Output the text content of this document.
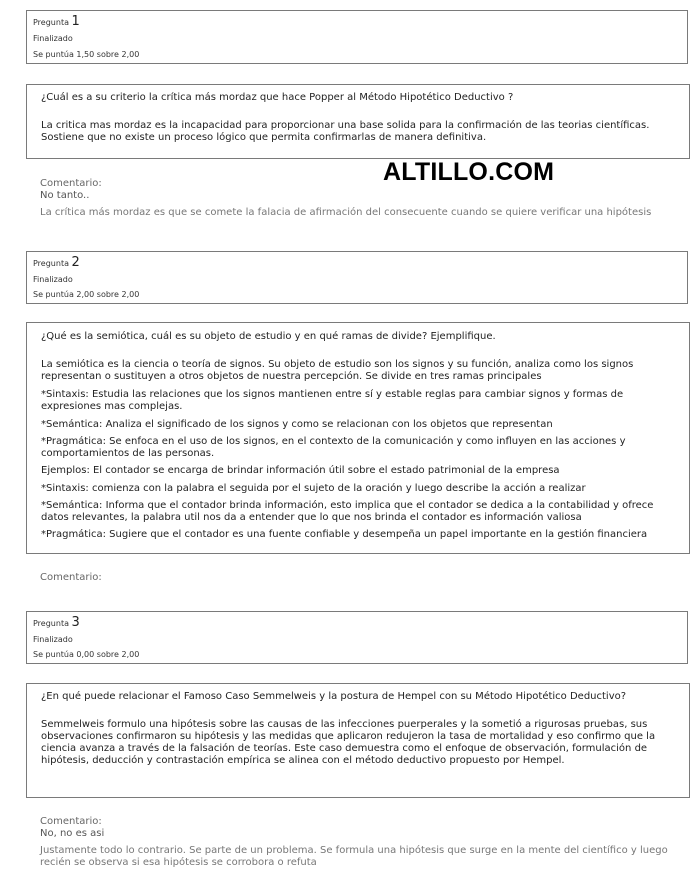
Pregunta 1
Finalizado
Se puntúa 1,50 sobre 2,00
¿Cuál es a su criterio la crítica más mordaz que hace Popper al Método Hipotético Deductivo ?
La critica mas mordaz es la incapacidad para proporcionar una base solida para la confirmación de las teorias científicas. Sostiene que no existe un proceso lógico que permita confirmarlas de manera definitiva.
ALTILLO.COM
Comentario:
No tanto..
La crítica más mordaz es que se comete la falacia de afirmación del consecuente cuando se quiere verificar una hipótesis
Pregunta 2
Finalizado
Se puntúa 2,00 sobre 2,00
¿Qué es la semiótica, cuál es su objeto de estudio y en qué ramas de divide? Ejemplifique.
La semiótica es la ciencia o teoría de signos. Su objeto de estudio son los signos y su función, analiza como los signos representan o sustituyen a otros objetos de nuestra percepción. Se divide en tres ramas principales
*Sintaxis: Estudia las relaciones que los signos mantienen entre sí y estable reglas para cambiar signos y formas de expresiones mas complejas.
*Semántica: Analiza el significado de los signos y como se relacionan con los objetos que representan
*Pragmática: Se enfoca en el uso de los signos, en el contexto de la comunicación y como influyen en las acciones y comportamientos de las personas.
Ejemplos: El contador se encarga de brindar información útil sobre el estado patrimonial de la empresa
*Sintaxis: comienza con la palabra el seguida por el sujeto de la oración y luego describe la acción a realizar
*Semántica: Informa que el contador brinda información, esto implica que el contador se dedica a la contabilidad y ofrece datos relevantes, la palabra util nos da a entender que lo que nos brinda el contador es información valiosa
*Pragmática: Sugiere que el contador es una fuente confiable y desempeña un papel importante en la gestión financiera
Comentario:
Pregunta 3
Finalizado
Se puntúa 0,00 sobre 2,00
¿En qué puede relacionar el Famoso Caso Semmelweis y la postura de Hempel con su Método Hipotético Deductivo?
Semmelweis formulo una hipótesis sobre las causas de las infecciones puerperales y la sometió a rigurosas pruebas, sus observaciones confirmaron su hipótesis y las medidas que aplicaron redujeron la tasa de mortalidad y eso confirmo que la ciencia avanza a través de la falsación de teorías. Este caso demuestra como el enfoque de observación, formulación de hipótesis, deducción y contrastación empírica se alinea con el método deductivo propuesto por Hempel.
Comentario:
No, no es asi
Justamente todo lo contrario. Se parte de un problema. Se formula una hipótesis que surge en la mente del científico y luego recién se observa si esa hipótesis se corrobora o refuta
